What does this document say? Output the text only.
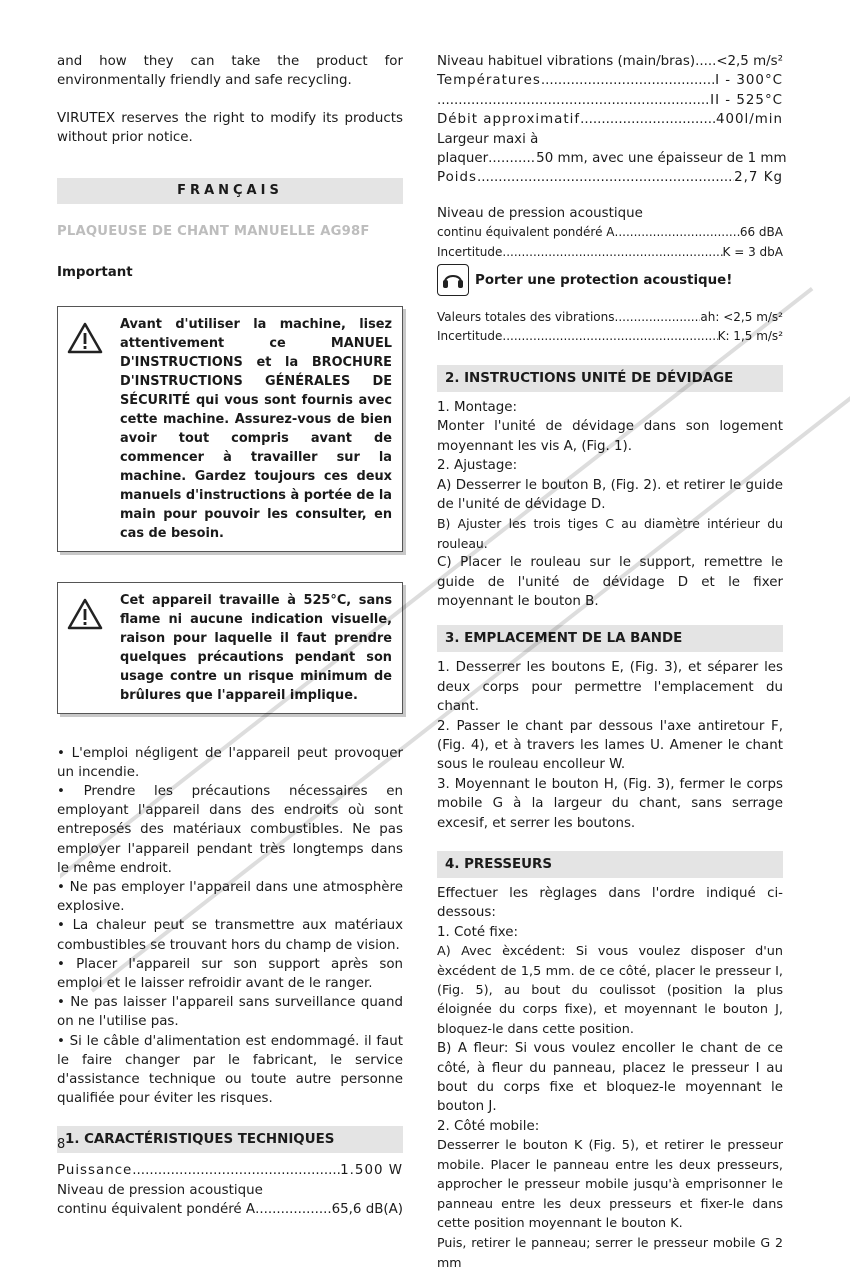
and how they can take the product for environmentally friendly and safe recycling.

VIRUTEX reserves the right to modify its products without prior notice.

FRANÇAIS
PLAQUEUSE DE CHANT MANUELLE AG98F
Important

Avant d'utiliser la machine, lisez attentivement ce MANUEL D'INSTRUCTIONS et la BROCHURE D'INSTRUCTIONS GÉNÉRALES DE SÉCURITÉ qui vous sont fournis avec cette machine. Assurez-vous de bien avoir tout compris avant de commencer à travailler sur la machine. Gardez toujours ces deux manuels d'instructions à portée de la main pour pouvoir les consulter, en cas de besoin.

Cet appareil travaille à 525°C, sans flame ni aucune indication visuelle, raison pour laquelle il faut prendre quelques précautions pendant son usage contre un risque minimum de brûlures que l'appareil implique.

• L'emploi négligent de l'appareil peut provoquer un incendie.

• Prendre les précautions nécessaires en employant l'appareil dans des endroits où sont entreposés des matériaux combustibles. Ne pas employer l'appareil pendant très longtemps dans le même endroit.

• Ne pas employer l'appareil dans une atmosphère explosive.

• La chaleur peut se transmettre aux matériaux combustibles se trouvant hors du champ de vision.

• Placer l'appareil sur son support après son emploi et le laisser refroidir avant de le ranger.

• Ne pas laisser l'appareil sans surveillance quand on ne l'utilise pas.

• Si le câble d'alimentation est endommagé. il faut le faire changer par le fabricant, le service d'assistance technique ou toute autre personne qualifiée pour éviter les risques.

1. CARACTÉRISTIQUES TECHNIQUES
Puissance .....	1.500 W

Niveau de pression acoustique

continu équivalent pondéré A .....	65,6 dB(A)
Niveau habituel vibrations (main/bras) ..... <2,5 m/s²
Températures .....	I - 300°C
.....
II - 525°C
Débit approximatif .....	400l/min

Largeur maxi à

plaquer .....	50 mm, avec une épaisseur de 1 mm
Poids .....	2,7 Kg

Niveau de pression acoustique

continu équivalent pondéré A .....	66 dBA
Incertitude .....	K = 3 dbA
Porter une protection acoustique!
Valeurs totales des vibrations .....	ah: <2,5 m/s²
Incertitude .....	K: 1,5 m/s²
2. INSTRUCTIONS UNITÉ DE DÉVIDAGE

1. Montage:

Monter l'unité de dévidage dans son logement moyennant les vis A, (Fig. 1).

2. Ajustage:

A) Desserrer le bouton B, (Fig. 2). et retirer le guide de l'unité de dévidage D.

B) Ajuster les trois tiges C au diamètre intérieur du rouleau.

C) Placer le rouleau sur le support, remettre le guide de l'unité de dévidage D et le fixer moyennant le bouton B.

3. EMPLACEMENT DE LA BANDE

1. Desserrer les boutons E, (Fig. 3), et séparer les deux corps pour permettre l'emplacement du chant.

2. Passer le chant par dessous l'axe antiretour F, (Fig. 4), et à travers les lames U. Amener le chant sous le rouleau encolleur W.

3. Moyennant le bouton H, (Fig. 3), fermer le corps mobile G à la largeur du chant, sans serrage excesif, et serrer les boutons.

4. PRESSEURS

Effectuer les règlages dans l'ordre indiqué ci-dessous:

1. Coté fixe:

A) Avec èxcédent: Si vous voulez disposer d'un èxcédent de 1,5 mm. de ce côté, placer le presseur I, (Fig. 5), au bout du coulissot (position la plus éloignée du corps fixe), et moyennant le bouton J, bloquez-le dans cette position.

B) A fleur: Si vous voulez encoller le chant de ce côté, à fleur du panneau, placez le presseur I au bout du corps fixe et bloquez-le moyennant le bouton J.

2. Côté mobile:

Desserrer le bouton K (Fig. 5), et retirer le presseur mobile. Placer le panneau entre les deux presseurs, approcher le presseur mobile jusqu'à emprisonner le panneau entre les deux presseurs et fixer-le dans cette position moyennant le bouton K.

Puis, retirer le panneau; serrer le presseur mobile G 2 mm

8
